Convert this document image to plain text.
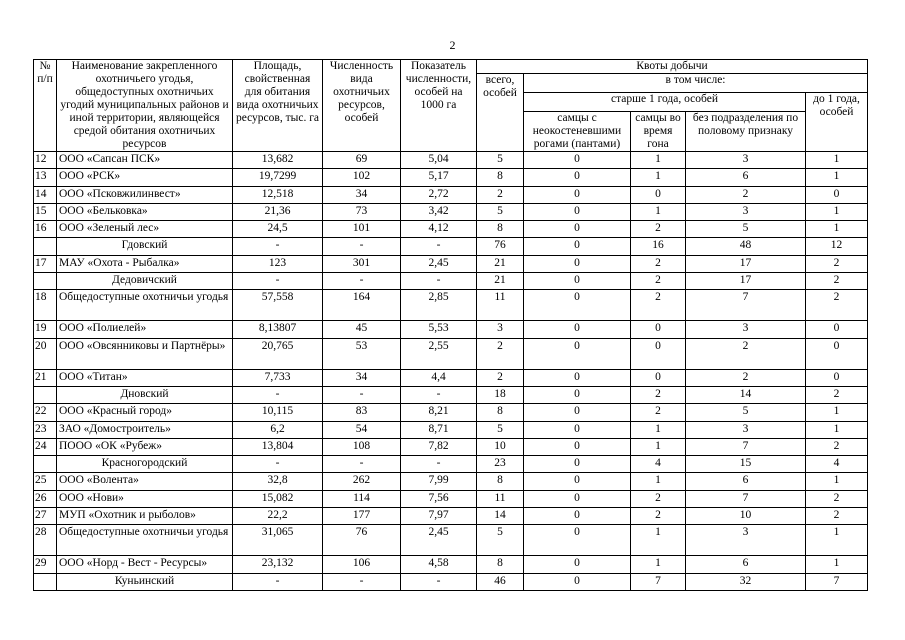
2
№ п/п	Наименование закрепленного охотничьего угодья, общедоступных охотничьих угодий муниципальных районов и иной территории, являющейся средой обитания охотничьих ресурсов	Площадь, свойственная для обитания вида охотничьих ресурсов, тыс. га	Численность вида охотничьих ресурсов, особей	Показатель численности, особей на 1000 га	Квоты добычи				
					всего, особей	в том числе:			
						старше 1 года, особей			до 1 года, особей
						самцы с неокостеневшими рогами (пантами)	самцы во время гона	без подразделения по половому признаку	
12	ООО «Сапсан ПСК»	13,682	69	5,04	5	0	1	3	1
13	ООО «РСК»	19,7299	102	5,17	8	0	1	6	1
14	ООО «Псковжилинвест»	12,518	34	2,72	2	0	0	2	0
15	ООО «Бельковка»	21,36	73	3,42	5	0	1	3	1
16	ООО «Зеленый лес»	24,5	101	4,12	8	0	2	5	1
	Гдовский	-	-	-	76	0	16	48	12
17	МАУ «Охота - Рыбалка»	123	301	2,45	21	0	2	17	2
	Дедовичский	-	-	-	21	0	2	17	2
18	Общедоступные охотничьи угодья	57,558	164	2,85	11	0	2	7	2
19	ООО «Полиелей»	8,13807	45	5,53	3	0	0	3	0
20	ООО «Овсянниковы и Партнёры»	20,765	53	2,55	2	0	0	2	0
21	ООО «Титан»	7,733	34	4,4	2	0	0	2	0
	Дновский	-	-	-	18	0	2	14	2
22	ООО «Красный город»	10,115	83	8,21	8	0	2	5	1
23	ЗАО «Домостроитель»	6,2	54	8,71	5	0	1	3	1
24	ПООО «ОК «Рубеж»	13,804	108	7,82	10	0	1	7	2
	Красногородский	-	-	-	23	0	4	15	4
25	ООО «Волента»	32,8	262	7,99	8	0	1	6	1
26	ООО «Нови»	15,082	114	7,56	11	0	2	7	2
27	МУП «Охотник и рыболов»	22,2	177	7,97	14	0	2	10	2
28	Общедоступные охотничьи угодья	31,065	76	2,45	5	0	1	3	1
29	ООО «Норд - Вест - Ресурсы»	23,132	106	4,58	8	0	1	6	1
	Куньинский	-	-	-	46	0	7	32	7
